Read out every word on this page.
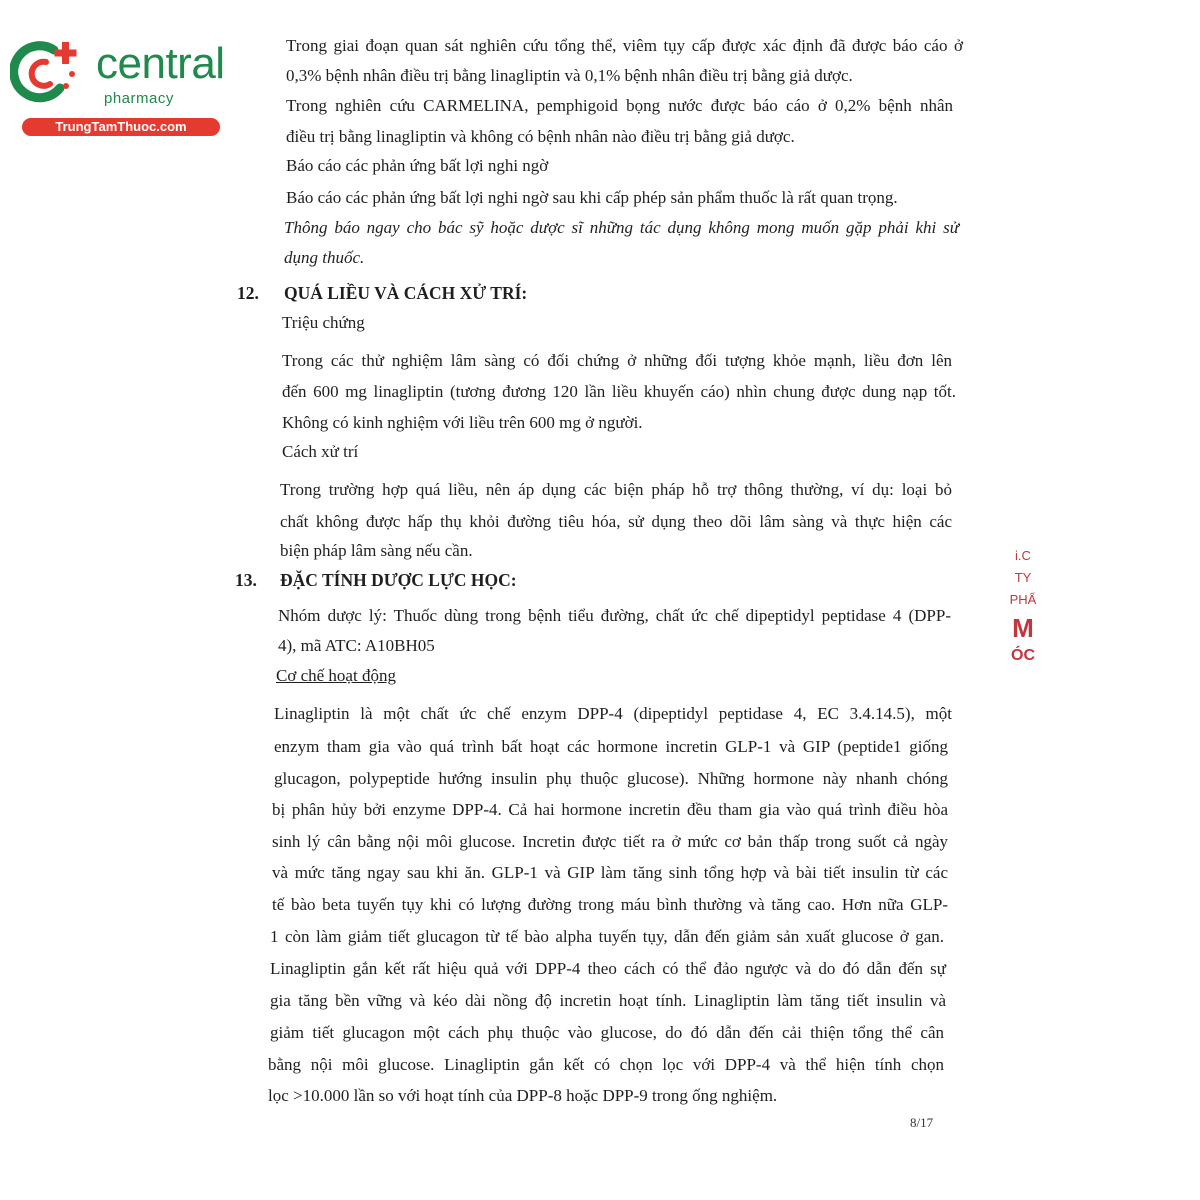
central
pharmacy
TrungTamThuoc.com
Trong giai đoạn quan sát nghiên cứu tổng thể, viêm tụy cấp được xác định đã được báo cáo ở
0,3% bệnh nhân điều trị bằng linagliptin và 0,1% bệnh nhân điều trị bằng giả dược.
Trong nghiên cứu CARMELINA, pemphigoid bọng nước được báo cáo ở 0,2% bệnh nhân
điều trị bằng linagliptin và không có bệnh nhân nào điều trị bằng giả dược.
Báo cáo các phản ứng bất lợi nghi ngờ
Báo cáo các phản ứng bất lợi nghi ngờ sau khi cấp phép sản phẩm thuốc là rất quan trọng.
Thông báo ngay cho bác sỹ hoặc dược sĩ những tác dụng không mong muốn gặp phải khi sử
dụng thuốc.
12. QUÁ LIỀU VÀ CÁCH XỬ TRÍ:
Triệu chứng
Trong các thử nghiệm lâm sàng có đối chứng ở những đối tượng khỏe mạnh, liều đơn lên
đến 600 mg linagliptin (tương đương 120 lần liều khuyến cáo) nhìn chung được dung nạp tốt.
Không có kinh nghiệm với liều trên 600 mg ở người.
Cách xử trí
Trong trường hợp quá liều, nên áp dụng các biện pháp hỗ trợ thông thường, ví dụ: loại bỏ
chất không được hấp thụ khỏi đường tiêu hóa, sử dụng theo dõi lâm sàng và thực hiện các
biện pháp lâm sàng nếu cần.
13. ĐẶC TÍNH DƯỢC LỰC HỌC:
Nhóm dược lý: Thuốc dùng trong bệnh tiểu đường, chất ức chế dipeptidyl peptidase 4 (DPP-
4), mã ATC: A10BH05
Cơ chế hoạt động
Linagliptin là một chất ức chế enzym DPP-4 (dipeptidyl peptidase 4, EC 3.4.14.5), một
enzym tham gia vào quá trình bất hoạt các hormone incretin GLP-1 và GIP (peptide1 giống
glucagon, polypeptide hướng insulin phụ thuộc glucose). Những hormone này nhanh chóng
bị phân hủy bởi enzyme DPP-4. Cả hai hormone incretin đều tham gia vào quá trình điều hòa
sinh lý cân bằng nội môi glucose. Incretin được tiết ra ở mức cơ bản thấp trong suốt cả ngày
và mức tăng ngay sau khi ăn. GLP-1 và GIP làm tăng sinh tổng hợp và bài tiết insulin từ các
tế bào beta tuyến tụy khi có lượng đường trong máu bình thường và tăng cao. Hơn nữa GLP-
1 còn làm giảm tiết glucagon từ tế bào alpha tuyến tụy, dẫn đến giảm sản xuất glucose ở gan.
Linagliptin gắn kết rất hiệu quả với DPP-4 theo cách có thể đảo ngược và do đó dẫn đến sự
gia tăng bền vững và kéo dài nồng độ incretin hoạt tính. Linagliptin làm tăng tiết insulin và
giảm tiết glucagon một cách phụ thuộc vào glucose, do đó dẫn đến cải thiện tổng thể cân
bằng nội môi glucose. Linagliptin gắn kết có chọn lọc với DPP-4 và thể hiện tính chọn
lọc >10.000 lần so với hoạt tính của DPP-8 hoặc DPP-9 trong ống nghiệm.
i.C
TY
PHẨ
M
ÓC
8/17
